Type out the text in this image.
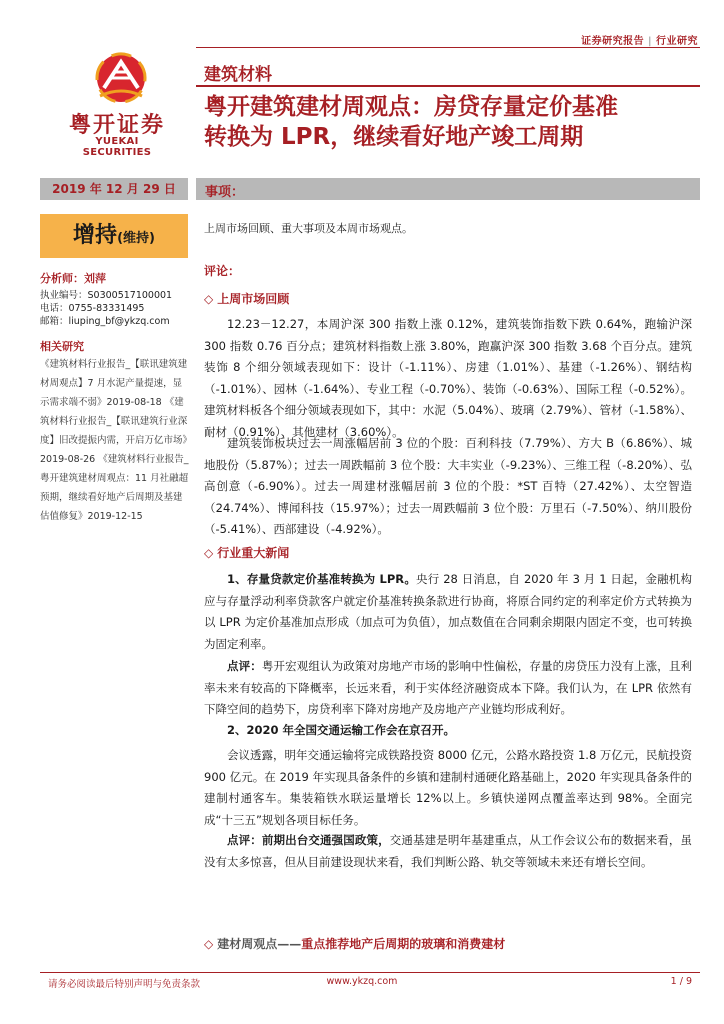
证券研究报告 | 行业研究
粤开证券
YUEKAI SECURITIES
建筑材料
粤开建筑建材周观点：房贷存量定价基准
转换为 LPR，继续看好地产竣工周期
2019 年 12 月 29 日	事项：
增持(维持)
上周市场回顾、重大事项及本周市场观点。
评论：
分析师：刘萍
执业编号：S0300517100001
电话：0755-83331495
邮箱：liuping_bf@ykzq.com
相关研究
《建筑材料行业报告_【联讯建筑建材周观点】7 月水泥产量提速，显示需求端不弱》2019-08-18 《建筑材料行业报告_【联讯建筑行业深度】旧改提振内需，开启万亿市场》2019-08-26 《建筑材料行业报告_粤开建筑建材周观点：11 月社融超预期，继续看好地产后周期及基建估值修复》2019-12-15
◇ 上周市场回顾

12.23－12.27，本周沪深 300 指数上涨 0.12%，建筑装饰指数下跌 0.64%，跑输沪深 300 指数 0.76 百分点；建筑材料指数上涨 3.80%，跑赢沪深 300 指数 3.68 个百分点。建筑装饰 8 个细分领域表现如下：设计（-1.11%）、房建（1.01%）、基建（-1.26%）、钢结构（-1.01%）、园林（-1.64%）、专业工程（-0.70%）、装饰（-0.63%）、国际工程（-0.52%）。建筑材料板各个细分领域表现如下，其中：水泥（5.04%）、玻璃（2.79%）、管材（-1.58%）、耐材（0.91%）、其他建材（3.60%）。

建筑装饰板块过去一周涨幅居前 3 位的个股：百利科技（7.79%）、方大 B（6.86%）、城地股份（5.87%）；过去一周跌幅前 3 位个股：大丰实业（-9.23%）、三维工程（-8.20%）、弘高创意（-6.90%）。过去一周建材涨幅居前 3 位的个股：*ST 百特（27.42%）、太空智造（24.74%）、博闻科技（15.97%）；过去一周跌幅前 3 位个股：万里石（-7.50%）、纳川股份（-5.41%）、西部建设（-4.92%）。

◇ 行业重大新闻

1、存量贷款定价基准转换为 LPR。央行 28 日消息，自 2020 年 3 月 1 日起，金融机构应与存量浮动利率贷款客户就定价基准转换条款进行协商，将原合同约定的利率定价方式转换为以 LPR 为定价基准加点形成（加点可为负值），加点数值在合同剩余期限内固定不变，也可转换为固定利率。

点评：粤开宏观组认为政策对房地产市场的影响中性偏松，存量的房贷压力没有上涨，且利率未来有较高的下降概率，长远来看，利于实体经济融资成本下降。我们认为，在 LPR 依然有下降空间的趋势下，房贷利率下降对房地产及房地产产业链均形成利好。

2、2020 年全国交通运输工作会在京召开。

会议透露，明年交通运输将完成铁路投资 8000 亿元，公路水路投资 1.8 万亿元，民航投资 900 亿元。在 2019 年实现具备条件的乡镇和建制村通硬化路基础上，2020 年实现具备条件的建制村通客车。集装箱铁水联运量增长 12%以上。乡镇快递网点覆盖率达到 98%。全面完成“十三五”规划各项目标任务。

点评：前期出台交通强国政策，交通基建是明年基建重点，从工作会议公布的数据来看，虽没有太多惊喜，但从目前建设现状来看，我们判断公路、轨交等领域未来还有增长空间。

◇ 建材周观点——重点推荐地产后周期的玻璃和消费建材
请务必阅读最后特别声明与免责条款	www.ykzq.com	1 / 9
